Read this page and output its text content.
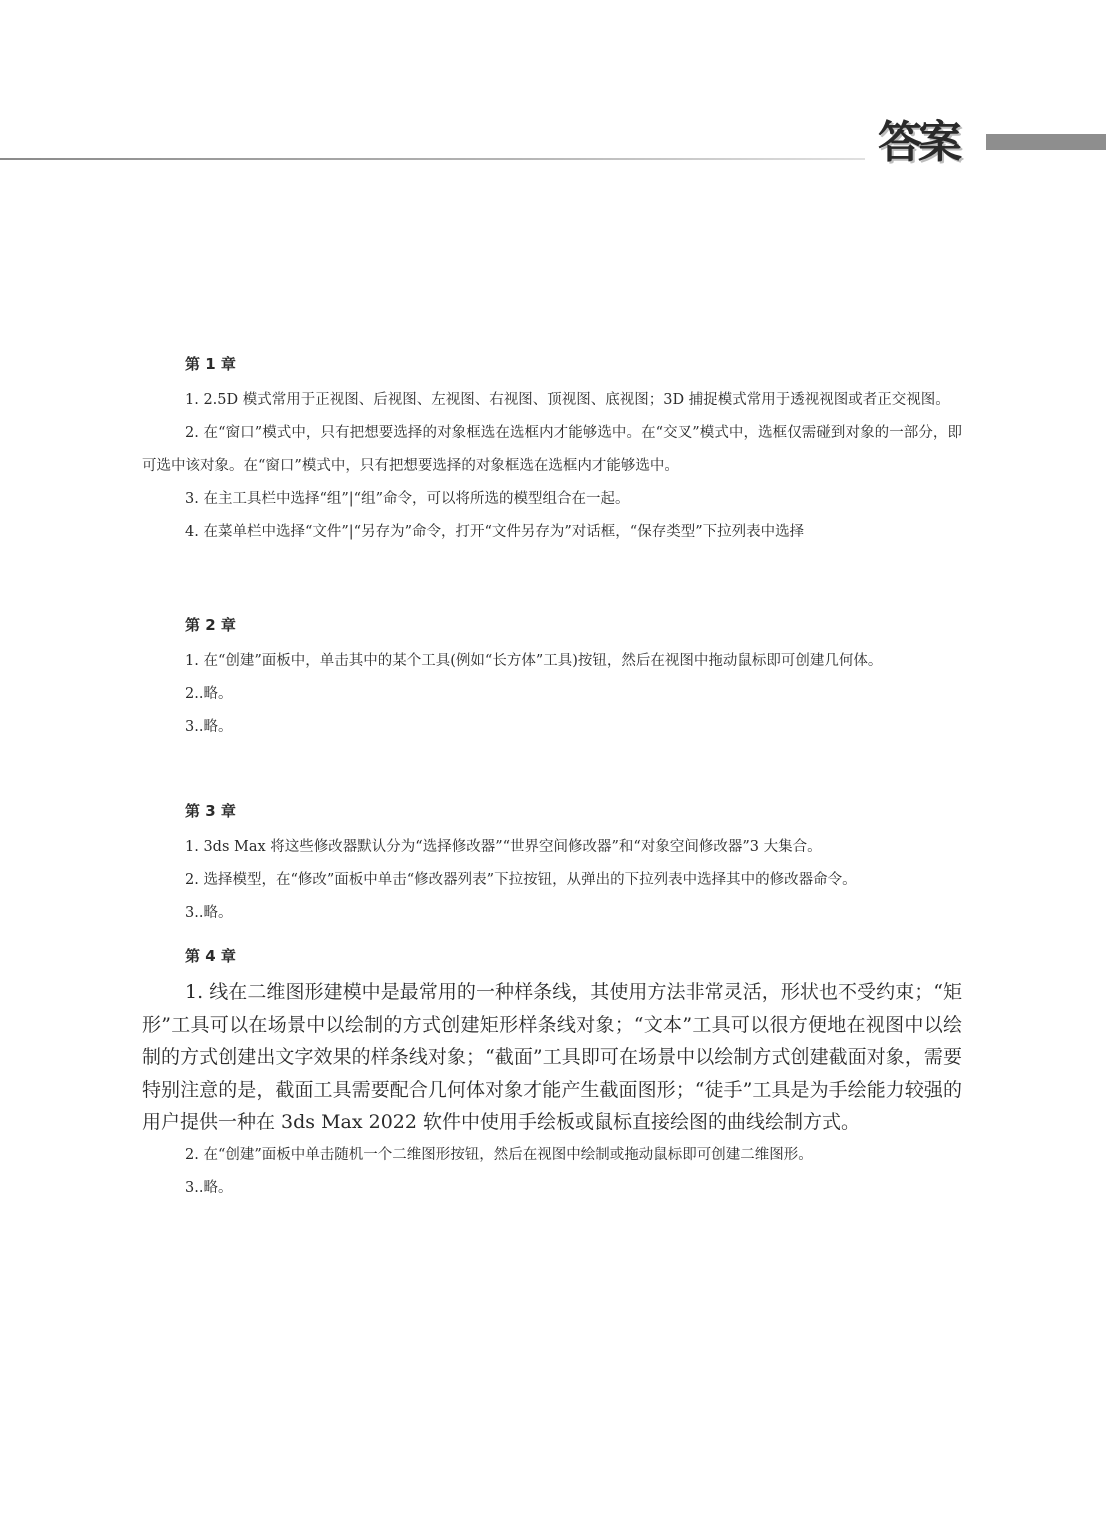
答案
第 1 章

1. 2.5D 模式常用于正视图、后视图、左视图、右视图、顶视图、底视图；3D 捕捉模式常用于透视视图或者正交视图。

2. 在“窗口”模式中，只有把想要选择的对象框选在选框内才能够选中。在“交叉”模式中，选框仅需碰到对象的一部分，即可选中该对象。在“窗口”模式中，只有把想要选择的对象框选在选框内才能够选中。

3. 在主工具栏中选择“组”|“组”命令，可以将所选的模型组合在一起。

4. 在菜单栏中选择“文件”|“另存为”命令，打开“文件另存为”对话框，“保存类型”下拉列表中选择

第 2 章

1. 在“创建”面板中，单击其中的某个工具(例如“长方体”工具)按钮，然后在视图中拖动鼠标即可创建几何体。

2..略。

3..略。

第 3 章

1. 3ds Max 将这些修改器默认分为“选择修改器”“世界空间修改器”和“对象空间修改器”3 大集合。

2. 选择模型，在“修改”面板中单击“修改器列表”下拉按钮，从弹出的下拉列表中选择其中的修改器命令。

3..略。

第 4 章

1. 线在二维图形建模中是最常用的一种样条线，其使用方法非常灵活，形状也不受约束；“矩形”工具可以在场景中以绘制的方式创建矩形样条线对象；“文本”工具可以很方便地在视图中以绘制的方式创建出文字效果的样条线对象；“截面”工具即可在场景中以绘制方式创建截面对象，需要特别注意的是，截面工具需要配合几何体对象才能产生截面图形；“徒手”工具是为手绘能力较强的用户提供一种在 3ds Max 2022 软件中使用手绘板或鼠标直接绘图的曲线绘制方式。

2. 在“创建”面板中单击随机一个二维图形按钮，然后在视图中绘制或拖动鼠标即可创建二维图形。

3..略。
